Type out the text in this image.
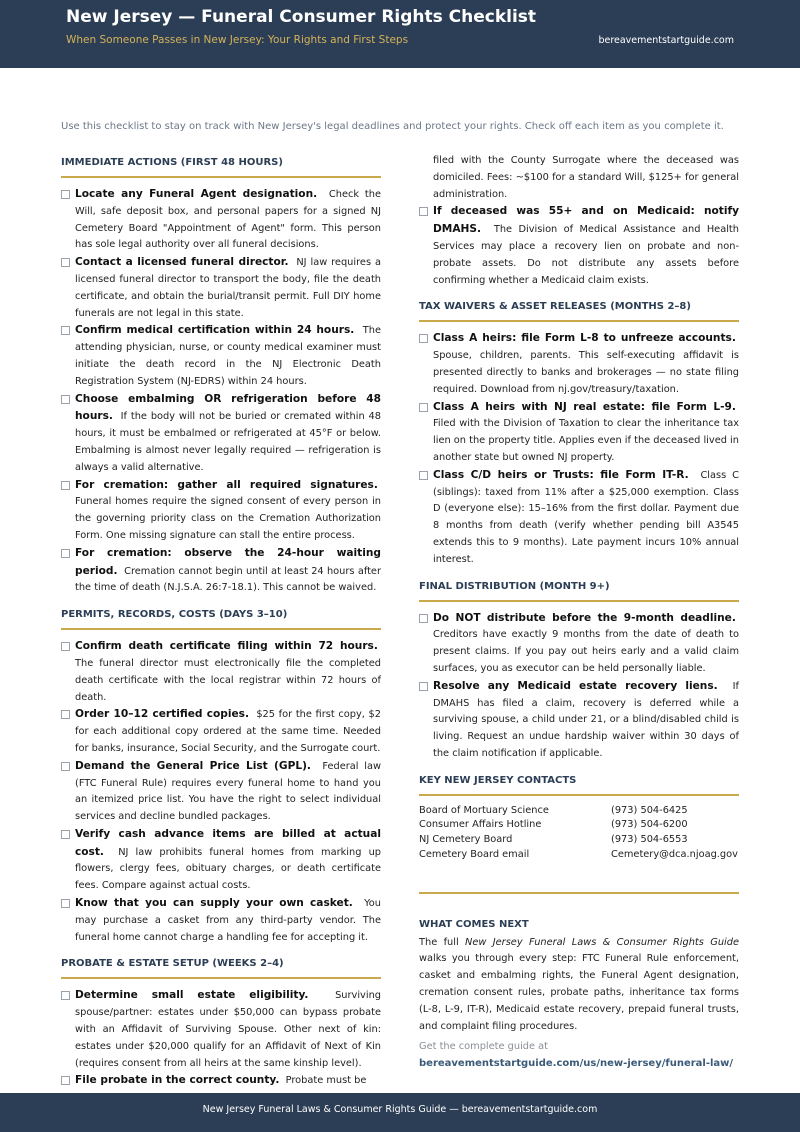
New Jersey — Funeral Consumer Rights Checklist
When Someone Passes in New Jersey: Your Rights and First Steps	bereavementstartguide.com
Use this checklist to stay on track with New Jersey's legal deadlines and protect your rights. Check off each item as you complete it.
IMMEDIATE ACTIONS (FIRST 48 HOURS)
Locate any Funeral Agent designation. Check the Will, safe deposit box, and personal papers for a signed NJ Cemetery Board "Appointment of Agent" form. This person has sole legal authority over all funeral decisions.
Contact a licensed funeral director. NJ law requires a licensed funeral director to transport the body, file the death certificate, and obtain the burial/transit permit. Full DIY home funerals are not legal in this state.
Confirm medical certification within 24 hours. The attending physician, nurse, or county medical examiner must initiate the death record in the NJ Electronic Death Registration System (NJ-EDRS) within 24 hours.
Choose embalming OR refrigeration before 48 hours. If the body will not be buried or cremated within 48 hours, it must be embalmed or refrigerated at 45°F or below. Embalming is almost never legally required — refrigeration is always a valid alternative.
For cremation: gather all required signatures.  Funeral homes require the signed consent of every person in the governing priority class on the Cremation Authorization Form. One missing signature can stall the entire process.
For cremation: observe the 24-hour waiting period. Cremation cannot begin until at least 24 hours after the time of death (N.J.S.A. 26:7-18.1). This cannot be waived.
PERMITS, RECORDS, COSTS (DAYS 3–10)
Confirm death certificate filing within 72 hours.  The funeral director must electronically file the completed death certificate with the local registrar within 72 hours of death.
Order 10–12 certified copies. $25 for the first copy, $2 for each additional copy ordered at the same time. Needed for banks, insurance, Social Security, and the Surrogate court.
Demand the General Price List (GPL). Federal law (FTC Funeral Rule) requires every funeral home to hand you an itemized price list. You have the right to select individual services and decline bundled packages.
Verify cash advance items are billed at actual cost. NJ law prohibits funeral homes from marking up flowers, clergy fees, obituary charges, or death certificate fees. Compare against actual costs.
Know that you can supply your own casket. You may purchase a casket from any third-party vendor. The funeral home cannot charge a handling fee for accepting it.
PROBATE & ESTATE SETUP (WEEKS 2–4)
Determine small estate eligibility.	Surviving spouse/partner: estates under $50,000 can bypass probate with an Affidavit of Surviving Spouse. Other next of kin: estates under $20,000 qualify for an Affidavit of Next of Kin (requires consent from all heirs at the same kinship level).
File probate in the correct county. Probate must be
filed with the County Surrogate where the deceased was domiciled. Fees: ~$100 for a standard Will, $125+ for general administration.
If deceased was 55+ and on Medicaid: notify DMAHS. The Division of Medical Assistance and Health Services may place a recovery lien on probate and non-probate assets. Do not distribute any assets before confirming whether a Medicaid claim exists.
TAX WAIVERS & ASSET RELEASES (MONTHS 2–8)
Class A heirs: file Form L-8 to unfreeze accounts.  Spouse, children, parents. This self-executing affidavit is presented directly to banks and brokerages — no state filing required. Download from nj.gov/treasury/taxation.
Class A heirs with NJ real estate: file Form L-9.  Filed with the Division of Taxation to clear the inheritance tax lien on the property title. Applies even if the deceased lived in another state but owned NJ property.
Class C/D heirs or Trusts: file Form IT-R. Class C (siblings): taxed from 11% after a $25,000 exemption. Class D (everyone else): 15–16% from the first dollar. Payment due 8 months from death (verify whether pending bill A3545 extends this to 9 months). Late payment incurs 10% annual interest.
FINAL DISTRIBUTION (MONTH 9+)
Do NOT distribute before the 9-month deadline.  Creditors have exactly 9 months from the date of death to present claims. If you pay out heirs early and a valid claim surfaces, you as executor can be held personally liable.
Resolve any Medicaid estate recovery liens. If DMAHS has filed a claim, recovery is deferred while a surviving spouse, a child under 21, or a blind/disabled child is living. Request an undue hardship waiver within 30 days of the claim notification if applicable.
KEY NEW JERSEY CONTACTS
Board of Mortuary Science	(973) 504-6425
Consumer Affairs Hotline	(973) 504-6200
NJ Cemetery Board	(973) 504-6553
Cemetery Board email	Cemetery@dca.njoag.gov
WHAT COMES NEXT
The full New Jersey Funeral Laws & Consumer Rights Guide walks you through every step: FTC Funeral Rule enforcement, casket and embalming rights, the Funeral Agent designation, cremation consent rules, probate paths, inheritance tax forms (L-8, L-9, IT-R), Medicaid estate recovery, prepaid funeral trusts, and complaint filing procedures.
Get the complete guide at
bereavementstartguide.com/us/new-jersey/funeral-law/
New Jersey Funeral Laws & Consumer Rights Guide — bereavementstartguide.com
